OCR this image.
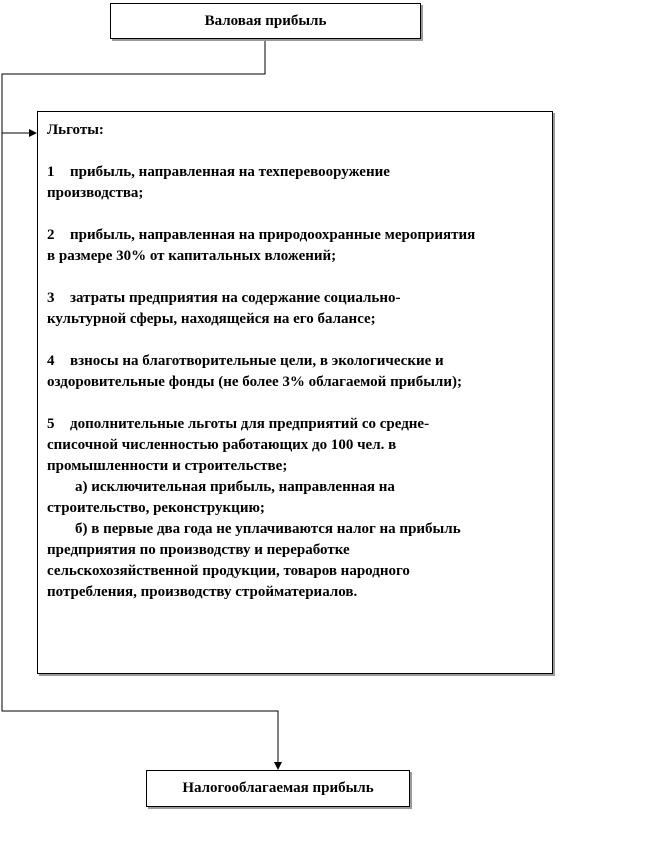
Валовая прибыль

Льготы:

1 прибыль, направленная на техперевооружение

производства;

2 прибыль, направленная на природоохранные мероприятия

в размере 30% от капитальных вложений;

3 затраты предприятия на содержание социально-

культурной сферы, находящейся на его балансе;

4 взносы на благотворительные цели, в экологические и

оздоровительные фонды (не более 3% облагаемой прибыли);

5 дополнительные льготы для предприятий со средне-

списочной численностью работающих до 100 чел. в

промышленности и строительстве;

а) исключительная прибыль, направленная на

строительство, реконструкцию;

б) в первые два года не уплачиваются налог на прибыль

предприятия по производству и переработке

сельскохозяйственной продукции, товаров народного

потребления, производству стройматериалов.

Налогооблагаемая прибыль
